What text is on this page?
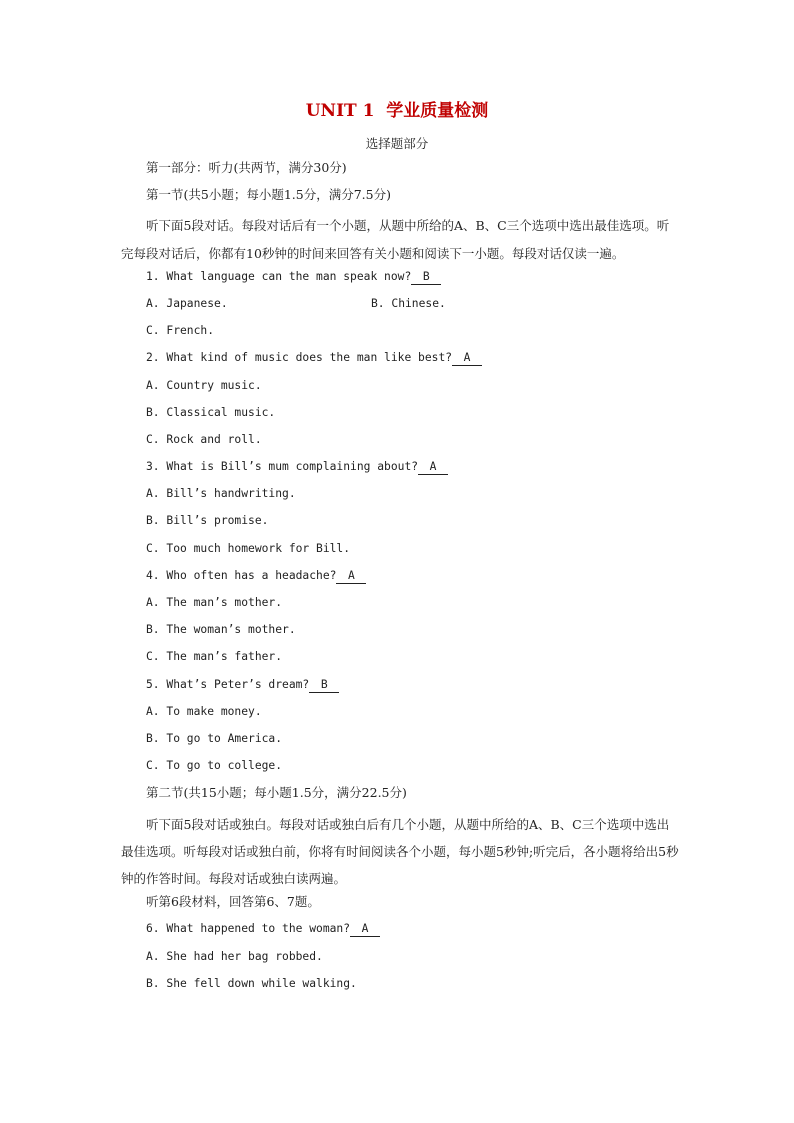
UNIT 1  学业质量检测
选择题部分
第一部分：听力(共两节，满分30分)
第一节(共5小题；每小题1.5分，满分7.5分)

听下面5段对话。每段对话后有一个小题，从题中所给的A、B、C三个选项中选出最佳选项。听完每段对话后，你都有10秒钟的时间来回答有关小题和阅读下一小题。每段对话仅读一遍。

1. What language can the man speak now? B
A. Japanese.	B. Chinese.
C. French.
2. What kind of music does the man like best? A
A. Country music.
B. Classical music.
C. Rock and roll.
3. What is Bill’s mum complaining about? A
A. Bill’s handwriting.
B. Bill’s promise.
C. Too much homework for Bill.
4. Who often has a headache? A
A. The man’s mother.
B. The woman’s mother.
C. The man’s father.
5. What’s Peter’s dream? B
A. To make money.
B. To go to America.
C. To go to college.
第二节(共15小题；每小题1.5分，满分22.5分)

听下面5段对话或独白。每段对话或独白后有几个小题，从题中所给的A、B、C三个选项中选出最佳选项。听每段对话或独白前，你将有时间阅读各个小题，每小题5秒钟;听完后，各小题将给出5秒钟的作答时间。每段对话或独白读两遍。

听第6段材料，回答第6、7题。
6. What happened to the woman? A
A. She had her bag robbed.
B. She fell down while walking.
